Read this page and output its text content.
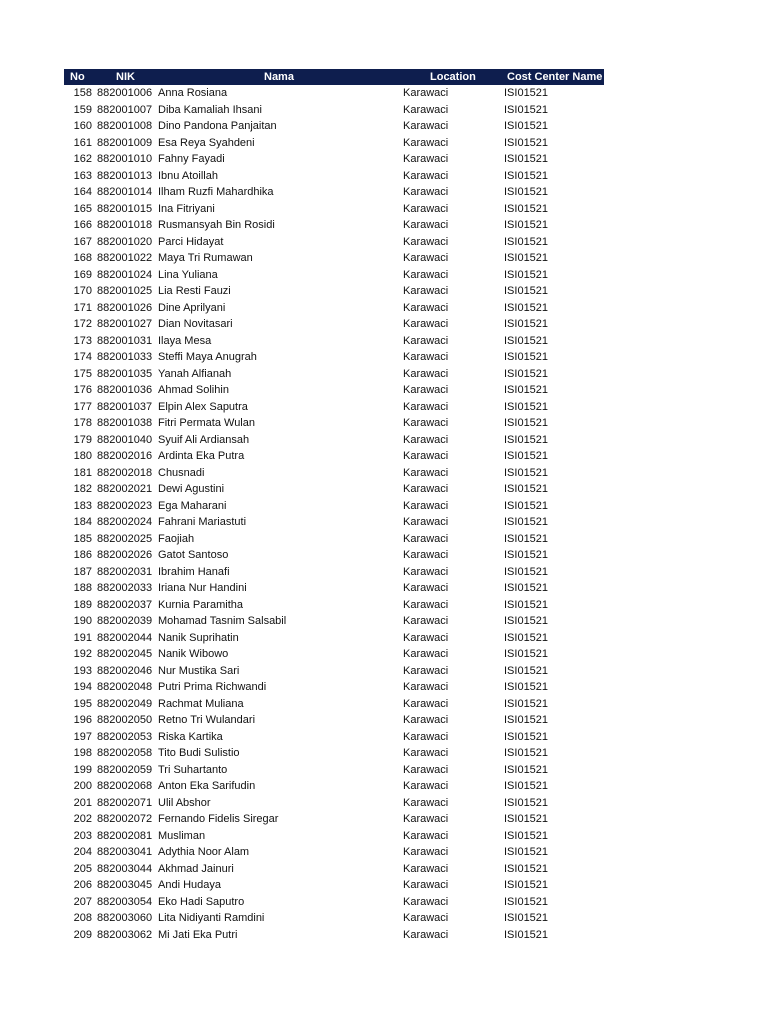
No	NIK	Nama	Location	Cost Center Name
158 882001006 Anna Rosiana	Karawaci	ISI01521
159 882001007 Diba Kamaliah Ihsani	Karawaci	ISI01521
160 882001008 Dino Pandona Panjaitan	Karawaci	ISI01521
161 882001009 Esa Reya Syahdeni	Karawaci	ISI01521
162 882001010 Fahny Fayadi	Karawaci	ISI01521
163 882001013 Ibnu Atoillah	Karawaci	ISI01521
164 882001014 Ilham Ruzfi Mahardhika	Karawaci	ISI01521
165 882001015 Ina Fitriyani	Karawaci	ISI01521
166 882001018 Rusmansyah Bin Rosidi	Karawaci	ISI01521
167 882001020 Parci Hidayat	Karawaci	ISI01521
168 882001022 Maya Tri Rumawan	Karawaci	ISI01521
169 882001024 Lina Yuliana	Karawaci	ISI01521
170 882001025 Lia Resti Fauzi	Karawaci	ISI01521
171 882001026 Dine Aprilyani	Karawaci	ISI01521
172 882001027 Dian Novitasari	Karawaci	ISI01521
173 882001031 Ilaya Mesa	Karawaci	ISI01521
174 882001033 Steffi Maya Anugrah	Karawaci	ISI01521
175 882001035 Yanah Alfianah	Karawaci	ISI01521
176 882001036 Ahmad Solihin	Karawaci	ISI01521
177 882001037 Elpin Alex Saputra	Karawaci	ISI01521
178 882001038 Fitri Permata Wulan	Karawaci	ISI01521
179 882001040 Syuif Ali Ardiansah	Karawaci	ISI01521
180 882002016 Ardinta Eka Putra	Karawaci	ISI01521
181 882002018 Chusnadi	Karawaci	ISI01521
182 882002021 Dewi Agustini	Karawaci	ISI01521
183 882002023 Ega Maharani	Karawaci	ISI01521
184 882002024 Fahrani Mariastuti	Karawaci	ISI01521
185 882002025 Faojiah	Karawaci	ISI01521
186 882002026 Gatot Santoso	Karawaci	ISI01521
187 882002031 Ibrahim Hanafi	Karawaci	ISI01521
188 882002033 Iriana Nur Handini	Karawaci	ISI01521
189 882002037 Kurnia Paramitha	Karawaci	ISI01521
190 882002039 Mohamad Tasnim Salsabil	Karawaci	ISI01521
191 882002044 Nanik Suprihatin	Karawaci	ISI01521
192 882002045 Nanik Wibowo	Karawaci	ISI01521
193 882002046 Nur Mustika Sari	Karawaci	ISI01521
194 882002048 Putri Prima Richwandi	Karawaci	ISI01521
195 882002049 Rachmat Muliana	Karawaci	ISI01521
196 882002050 Retno Tri Wulandari	Karawaci	ISI01521
197 882002053 Riska Kartika	Karawaci	ISI01521
198 882002058 Tito Budi Sulistio	Karawaci	ISI01521
199 882002059 Tri Suhartanto	Karawaci	ISI01521
200 882002068 Anton Eka Sarifudin	Karawaci	ISI01521
201 882002071 Ulil Abshor	Karawaci	ISI01521
202 882002072 Fernando Fidelis Siregar	Karawaci	ISI01521
203 882002081 Musliman	Karawaci	ISI01521
204 882003041 Adythia Noor Alam	Karawaci	ISI01521
205 882003044 Akhmad Jainuri	Karawaci	ISI01521
206 882003045 Andi Hudaya	Karawaci	ISI01521
207 882003054 Eko Hadi Saputro	Karawaci	ISI01521
208 882003060 Lita Nidiyanti Ramdini	Karawaci	ISI01521
209 882003062 Mi Jati Eka Putri	Karawaci	ISI01521
